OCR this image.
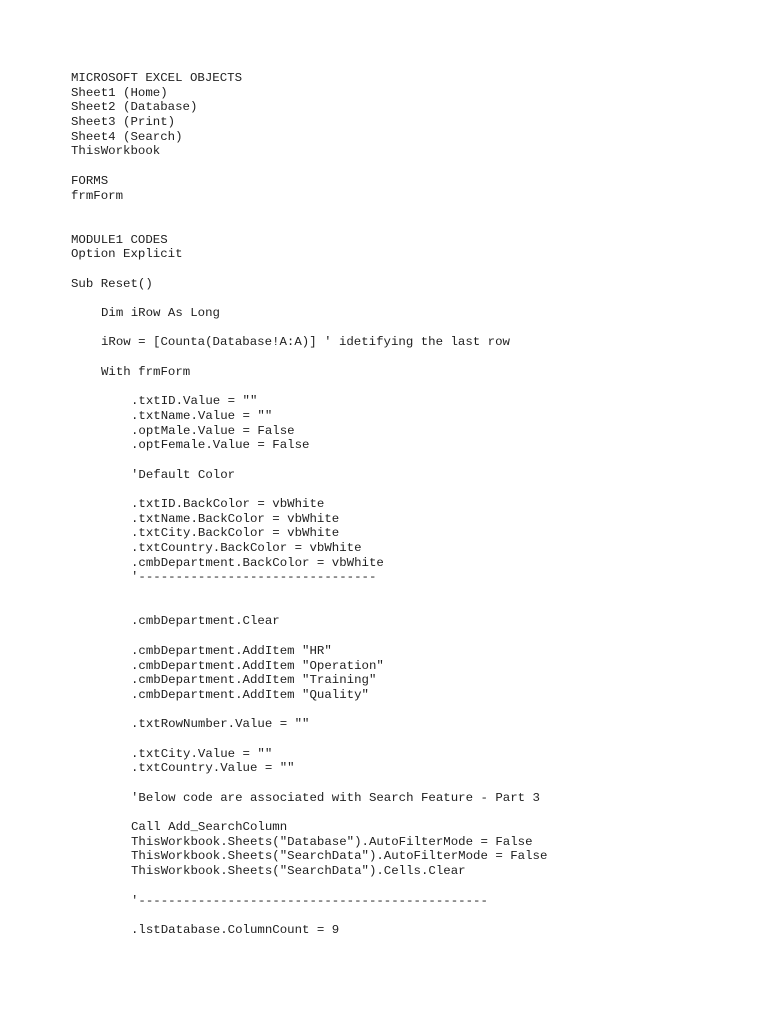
MICROSOFT EXCEL OBJECTS
Sheet1 (Home)
Sheet2 (Database)
Sheet3 (Print)
Sheet4 (Search)
ThisWorkbook
FORMS
frmForm
MODULE1 CODES
Option Explicit
Sub Reset()
Dim iRow As Long
iRow = [Counta(Database!A:A)] ' idetifying the last row
With frmForm
.txtID.Value = ""
.txtName.Value = ""
.optMale.Value = False
.optFemale.Value = False
'Default Color
.txtID.BackColor = vbWhite
.txtName.BackColor = vbWhite
.txtCity.BackColor = vbWhite
.txtCountry.BackColor = vbWhite
.cmbDepartment.BackColor = vbWhite
'--------------------------------
.cmbDepartment.Clear
.cmbDepartment.AddItem "HR"
.cmbDepartment.AddItem "Operation"
.cmbDepartment.AddItem "Training"
.cmbDepartment.AddItem "Quality"
.txtRowNumber.Value = ""
.txtCity.Value = ""
.txtCountry.Value = ""
'Below code are associated with Search Feature - Part 3
Call Add_SearchColumn
ThisWorkbook.Sheets("Database").AutoFilterMode = False
ThisWorkbook.Sheets("SearchData").AutoFilterMode = False
ThisWorkbook.Sheets("SearchData").Cells.Clear
'-----------------------------------------------
.lstDatabase.ColumnCount = 9
